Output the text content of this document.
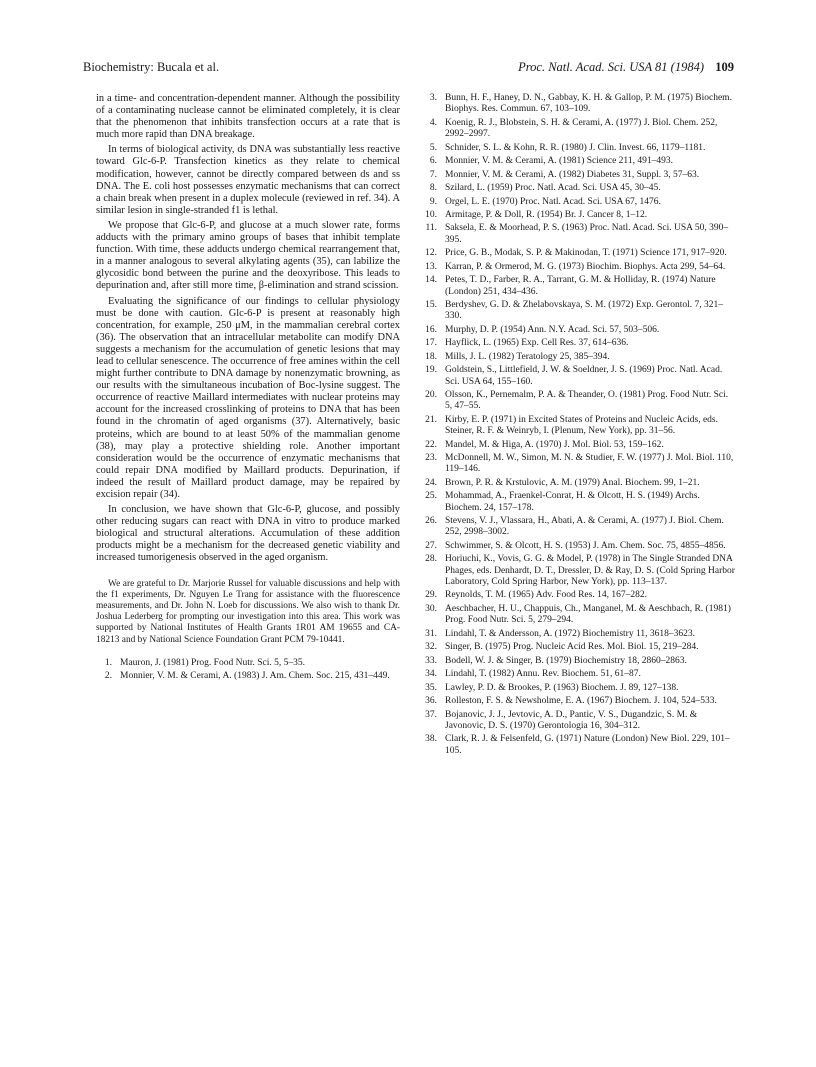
Biochemistry: Bucala et al.	Proc. Natl. Acad. Sci. USA 81 (1984) 109

in a time- and concentration-dependent manner. Although the possibility of a contaminating nuclease cannot be eliminated completely, it is clear that the phenomenon that inhibits transfection occurs at a rate that is much more rapid than DNA breakage.

In terms of biological activity, ds DNA was substantially less reactive toward Glc-6-P. Transfection kinetics as they relate to chemical modification, however, cannot be directly compared between ds and ss DNA. The E. coli host possesses enzymatic mechanisms that can correct a chain break when present in a duplex molecule (reviewed in ref. 34). A similar lesion in single-stranded f1 is lethal.

We propose that Glc-6-P, and glucose at a much slower rate, forms adducts with the primary amino groups of bases that inhibit template function. With time, these adducts undergo chemical rearrangement that, in a manner analogous to several alkylating agents (35), can labilize the glycosidic bond between the purine and the deoxyribose. This leads to depurination and, after still more time, β-elimination and strand scission.

Evaluating the significance of our findings to cellular physiology must be done with caution. Glc-6-P is present at reasonably high concentration, for example, 250 μM, in the mammalian cerebral cortex (36). The observation that an intracellular metabolite can modify DNA suggests a mechanism for the accumulation of genetic lesions that may lead to cellular senescence. The occurrence of free amines within the cell might further contribute to DNA damage by nonenzymatic browning, as our results with the simultaneous incubation of Boc-lysine suggest. The occurrence of reactive Maillard intermediates with nuclear proteins may account for the increased crosslinking of proteins to DNA that has been found in the chromatin of aged organisms (37). Alternatively, basic proteins, which are bound to at least 50% of the mammalian genome (38), may play a protective shielding role. Another important consideration would be the occurrence of enzymatic mechanisms that could repair DNA modified by Maillard products. Depurination, if indeed the result of Maillard product damage, may be repaired by excision repair (34).

In conclusion, we have shown that Glc-6-P, glucose, and possibly other reducing sugars can react with DNA in vitro to produce marked biological and structural alterations. Accumulation of these addition products might be a mechanism for the decreased genetic viability and increased tumorigenesis observed in the aged organism.

We are grateful to Dr. Marjorie Russel for valuable discussions and help with the f1 experiments, Dr. Nguyen Le Trang for assistance with the fluorescence measurements, and Dr. John N. Loeb for discussions. We also wish to thank Dr. Joshua Lederberg for prompting our investigation into this area. This work was supported by National Institutes of Health Grants 1R01 AM 19655 and CA-18213 and by National Science Foundation Grant PCM 79-10441.

1. Mauron, J. (1981) Prog. Food Nutr. Sci. 5, 5–35.
2. Monnier, V. M. & Cerami, A. (1983) J. Am. Chem. Soc. 215, 431–449.
3. Bunn, H. F., Haney, D. N., Gabbay, K. H. & Gallop, P. M. (1975) Biochem. Biophys. Res. Commun. 67, 103–109.
4. Koenig, R. J., Blobstein, S. H. & Cerami, A. (1977) J. Biol. Chem. 252, 2992–2997.
5. Schnider, S. L. & Kohn, R. R. (1980) J. Clin. Invest. 66, 1179–1181.
6. Monnier, V. M. & Cerami, A. (1981) Science 211, 491–493.
7. Monnier, V. M. & Cerami, A. (1982) Diabetes 31, Suppl. 3, 57–63.
8. Szilard, L. (1959) Proc. Natl. Acad. Sci. USA 45, 30–45.
9. Orgel, L. E. (1970) Proc. Natl. Acad. Sci. USA 67, 1476.
10. Armitage, P. & Doll, R. (1954) Br. J. Cancer 8, 1–12.
11. Saksela, E. & Moorhead, P. S. (1963) Proc. Natl. Acad. Sci. USA 50, 390–395.
12. Price, G. B., Modak, S. P. & Makinodan, T. (1971) Science 171, 917–920.
13. Karran, P. & Ormerod, M. G. (1973) Biochim. Biophys. Acta 299, 54–64.
14. Petes, T. D., Farber, R. A., Tarrant, G. M. & Holliday, R. (1974) Nature (London) 251, 434–436.
15. Berdyshev, G. D. & Zhelabovskaya, S. M. (1972) Exp. Gerontol. 7, 321–330.
16. Murphy, D. P. (1954) Ann. N.Y. Acad. Sci. 57, 503–506.
17. Hayflick, L. (1965) Exp. Cell Res. 37, 614–636.
18. Mills, J. L. (1982) Teratology 25, 385–394.
19. Goldstein, S., Littlefield, J. W. & Soeldner, J. S. (1969) Proc. Natl. Acad. Sci. USA 64, 155–160.
20. Olsson, K., Pernemalm, P. A. & Theander, O. (1981) Prog. Food Nutr. Sci. 5, 47–55.
21. Kirby, E. P. (1971) in Excited States of Proteins and Nucleic Acids, eds. Steiner, R. F. & Weinryb, I. (Plenum, New York), pp. 31–56.
22. Mandel, M. & Higa, A. (1970) J. Mol. Biol. 53, 159–162.
23. McDonnell, M. W., Simon, M. N. & Studier, F. W. (1977) J. Mol. Biol. 110, 119–146.
24. Brown, P. R. & Krstulovic, A. M. (1979) Anal. Biochem. 99, 1–21.
25. Mohammad, A., Fraenkel-Conrat, H. & Olcott, H. S. (1949) Archs. Biochem. 24, 157–178.
26. Stevens, V. J., Vlassara, H., Abati, A. & Cerami, A. (1977) J. Biol. Chem. 252, 2998–3002.
27. Schwimmer, S. & Olcott, H. S. (1953) J. Am. Chem. Soc. 75, 4855–4856.
28. Horiuchi, K., Vovis, G. G. & Model, P. (1978) in The Single Stranded DNA Phages, eds. Denhardt, D. T., Dressler, D. & Ray, D. S. (Cold Spring Harbor Laboratory, Cold Spring Harbor, New York), pp. 113–137.
29. Reynolds, T. M. (1965) Adv. Food Res. 14, 167–282.
30. Aeschbacher, H. U., Chappuis, Ch., Manganel, M. & Aeschbach, R. (1981) Prog. Food Nutr. Sci. 5, 279–294.
31. Lindahl, T. & Andersson, A. (1972) Biochemistry 11, 3618–3623.
32. Singer, B. (1975) Prog. Nucleic Acid Res. Mol. Biol. 15, 219–284.
33. Bodell, W. J. & Singer, B. (1979) Biochemistry 18, 2860–2863.
34. Lindahl, T. (1982) Annu. Rev. Biochem. 51, 61–87.
35. Lawley, P. D. & Brookes, P. (1963) Biochem. J. 89, 127–138.
36. Rolleston, F. S. & Newsholme, E. A. (1967) Biochem. J. 104, 524–533.
37. Bojanovic, J. J., Jevtovic, A. D., Pantic, V. S., Dugandzic, S. M. & Javonovic, D. S. (1970) Gerontologia 16, 304–312.
38. Clark, R. J. & Felsenfeld, G. (1971) Nature (London) New Biol. 229, 101–105.
